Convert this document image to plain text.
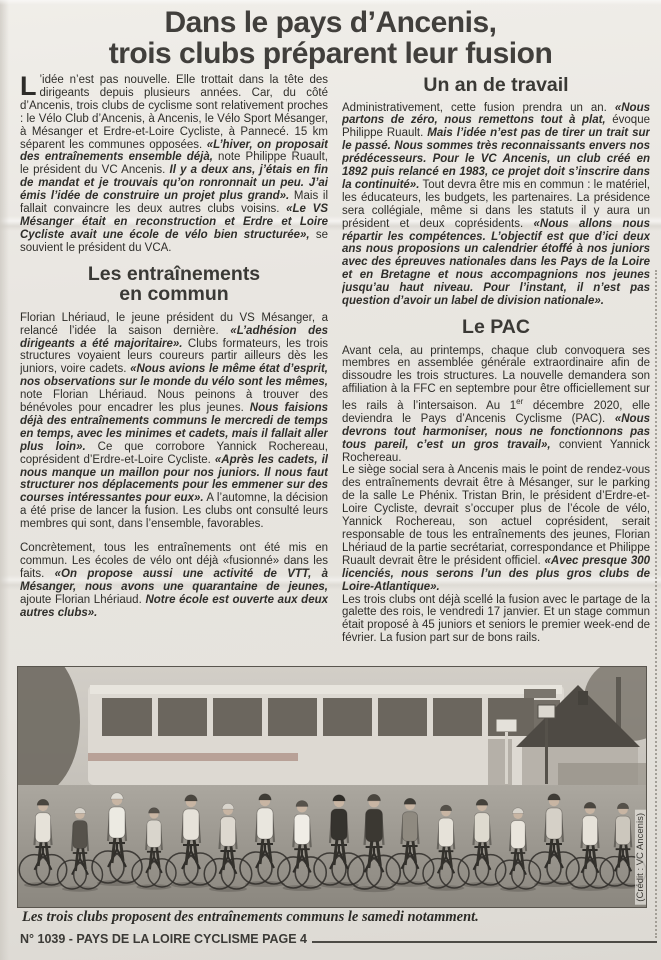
Dans le pays d’Ancenis,
trois clubs préparent leur fusion

L ’idée n’est pas nouvelle. Elle trottait dans la tête des dirigeants depuis plusieurs années. Car, du côté d’Ancenis, trois clubs de cyclisme sont relativement proches : le Vélo Club d’Ancenis, à Ancenis, le Vélo Sport Mésanger, à Mésanger et Erdre-et-Loire Cycliste, à Pannecé. 15 km séparent les communes opposées. «L’hiver, on proposait des entraînements ensemble déjà, note Philippe Ruault, le président du VC Ancenis. Il y a deux ans, j’étais en fin de mandat et je trouvais qu’on ronronnait un peu. J’ai émis l’idée de construire un projet plus grand». Mais il fallait convaincre les deux autres clubs voisins. «Le VS Mésanger était en reconstruction et Erdre et Loire Cycliste avait une école de vélo bien structurée», se souvient le président du VCA.

Les entraînements
en commun

Florian Lhériaud, le jeune président du VS Mésanger, a relancé l’idée la saison dernière. «L’adhésion des dirigeants a été majoritaire». Clubs formateurs, les trois structures voyaient leurs coureurs partir ailleurs dès les juniors, voire cadets. «Nous avions le même état d’esprit, nos observations sur le monde du vélo sont les mêmes, note Florian Lhériaud. Nous peinons à trouver des bénévoles pour encadrer les plus jeunes. Nous faisions déjà des entraînements communs le mercredi de temps en temps, avec les minimes et cadets, mais il fallait aller plus loin». Ce que corrobore Yannick Rochereau, coprésident d’Erdre-et-Loire Cycliste. «Après les cadets, il nous manque un maillon pour nos juniors. Il nous faut structurer nos déplacements pour les emmener sur des courses intéressantes pour eux». A l’automne, la décision a été prise de lancer la fusion. Les clubs ont consulté leurs membres qui sont, dans l’ensemble, favorables.

Concrètement, tous les entraînements ont été mis en commun. Les écoles de vélo ont déjà «fusionné» dans les faits. «On propose aussi une activité de VTT, à Mésanger, nous avons une quarantaine de jeunes, ajoute Florian Lhériaud. Notre école est ouverte aux deux autres clubs».

Un an de travail

Administrativement, cette fusion prendra un an. «Nous partons de zéro, nous remettons tout à plat, évoque Philippe Ruault. Mais l’idée n’est pas de tirer un trait sur le passé. Nous sommes très reconnaissants envers nos prédécesseurs. Pour le VC Ancenis, un club créé en 1892 puis relancé en 1983, ce projet doit s’inscrire dans la continuité». Tout devra être mis en commun : le matériel, les éducateurs, les budgets, les partenaires. La présidence sera collégiale, même si dans les statuts il y aura un président et deux coprésidents. «Nous allons nous répartir les compétences. L’objectif est que d’ici deux ans nous proposions un calendrier étoffé à nos juniors avec des épreuves nationales dans les Pays de la Loire et en Bretagne et nous accompagnions nos jeunes jusqu’au haut niveau. Pour l’instant, il n’est pas question d’avoir un label de division nationale».

Le PAC

Avant cela, au printemps, chaque club convoquera ses membres en assemblée générale extraordinaire afin de dissoudre les trois structures. La nouvelle demandera son affiliation à la FFC en septembre pour être officiellement sur les rails à l’intersaison. Au 1er décembre 2020, elle deviendra le Pays d’Ancenis Cyclisme (PAC). «Nous devrons tout harmoniser, nous ne fonctionnons pas tous pareil, c’est un gros travail», convient Yannick Rochereau.

Le siège social sera à Ancenis mais le point de rendez-vous des entraînements devrait être à Mésanger, sur le parking de la salle Le Phénix. Tristan Brin, le président d’Erdre-et-Loire Cycliste, devrait s’occuper plus de l’école de vélo, Yannick Rochereau, son actuel coprésident, serait responsable de tous les entraînements des jeunes, Florian Lhériaud de la partie secrétariat, correspondance et Philippe Ruault devrait être le président officiel. «Avec presque 300 licenciés, nous serons l’un des plus gros clubs de Loire-Atlantique».

Les trois clubs ont déjà scellé la fusion avec le partage de la galette des rois, le vendredi 17 janvier. Et un stage commun était proposé à 45 juniors et seniors le premier week-end de février. La fusion part sur de bons rails.

(Crédit : VC Ancenis)
Les trois clubs proposent des entraînements communs le samedi notamment.
N° 1039 - PAYS DE LA LOIRE CYCLISME PAGE 4
